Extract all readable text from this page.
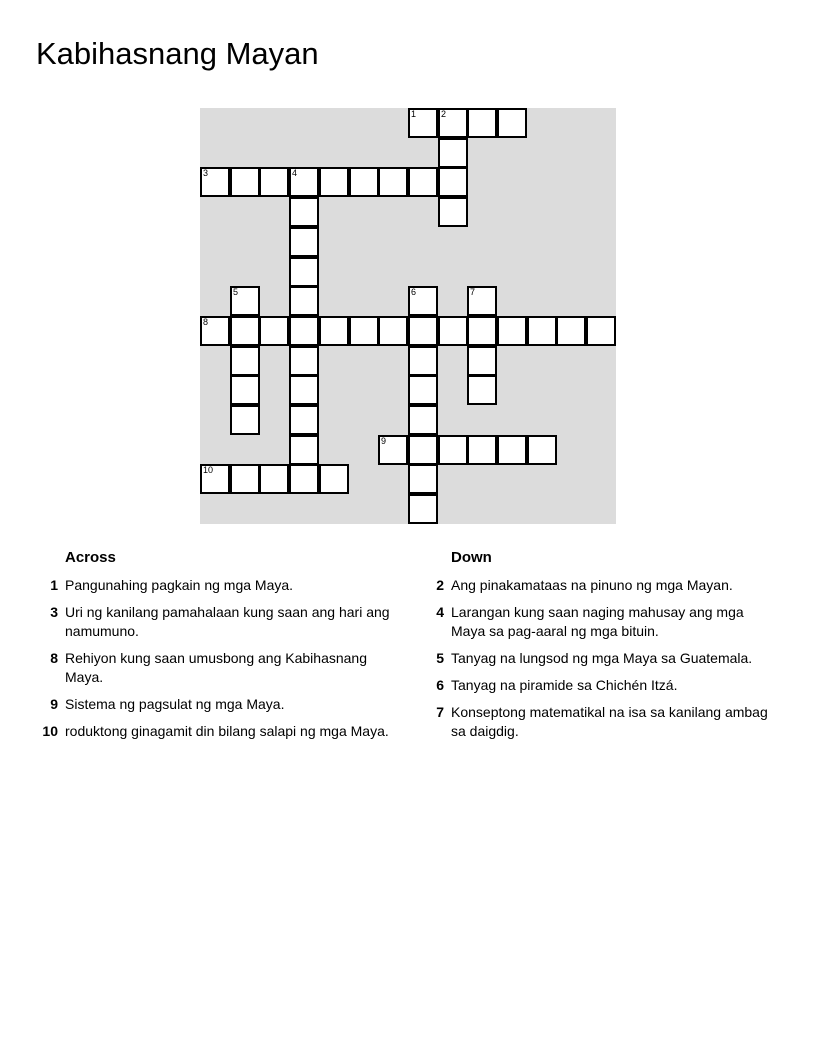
Kabihasnang Mayan
1	2
3	4
5	6	7
8
9
10
Across
1 Pangunahing pagkain ng mga Maya.
3 Uri ng kanilang pamahalaan kung saan ang hari ang namumuno.
8 Rehiyon kung saan umusbong ang Kabihasnang Maya.
9 Sistema ng pagsulat ng mga Maya.
10 roduktong ginagamit din bilang salapi ng mga Maya.
Down
2 Ang pinakamataas na pinuno ng mga Mayan.
4 Larangan kung saan naging mahusay ang mga Maya sa pag-aaral ng mga bituin.
5 Tanyag na lungsod ng mga Maya sa Guatemala.
6 Tanyag na piramide sa Chichén Itzá.
7 Konseptong matematikal na isa sa kanilang ambag sa daigdig.
